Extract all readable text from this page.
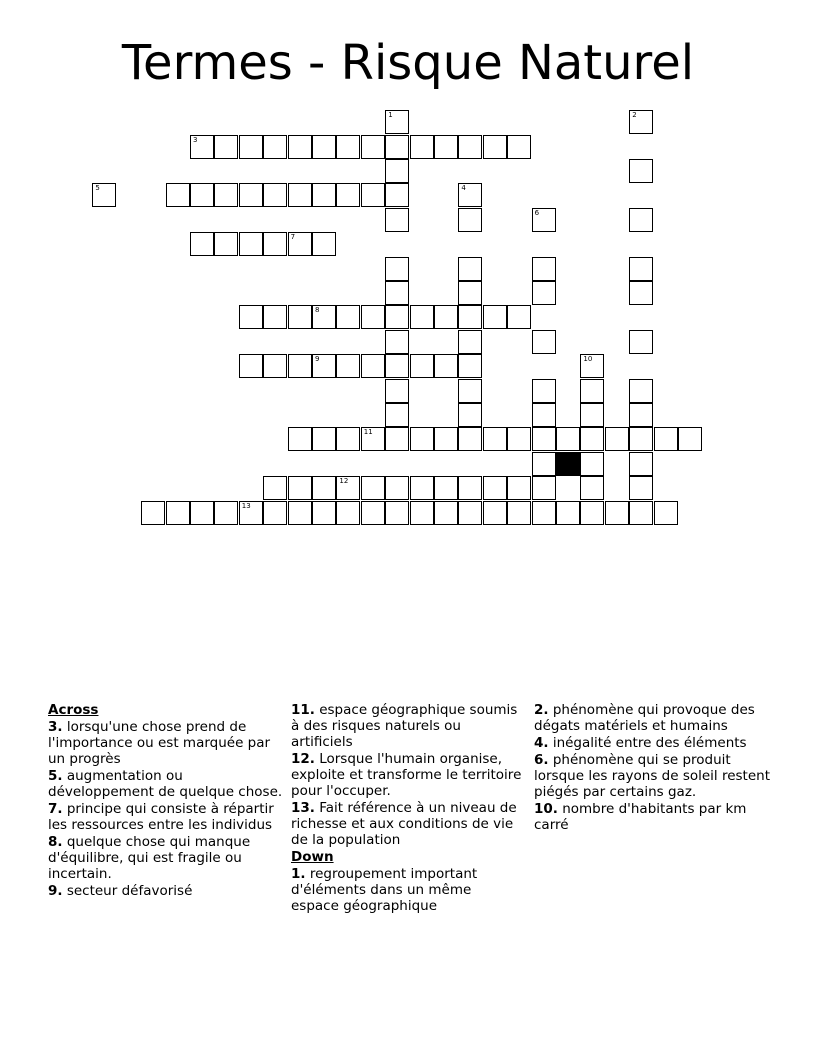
Termes - Risque Naturel
3
7
8
9
11
12
13
1	2
4
6
10
5
Across
3. lorsqu'une chose prend de l'importance ou est marquée par un progrès
5. augmentation ou développement de quelque chose.
7. principe qui consiste à répartir les ressources entre les individus
8. quelque chose qui manque d'équilibre, qui est fragile ou incertain.
9. secteur défavorisé
11. espace géographique soumis à des risques naturels ou artificiels
12. Lorsque l'humain organise, exploite et transforme le territoire pour l'occuper.
13. Fait référence à un niveau de richesse et aux conditions de vie de la population
Down
1. regroupement important d'éléments dans un même espace géographique
2. phénomène qui provoque des dégats matériels et humains
4. inégalité entre des éléments
6. phénomène qui se produit lorsque les rayons de soleil restent piégés par certains gaz.
10. nombre d'habitants par km carré
